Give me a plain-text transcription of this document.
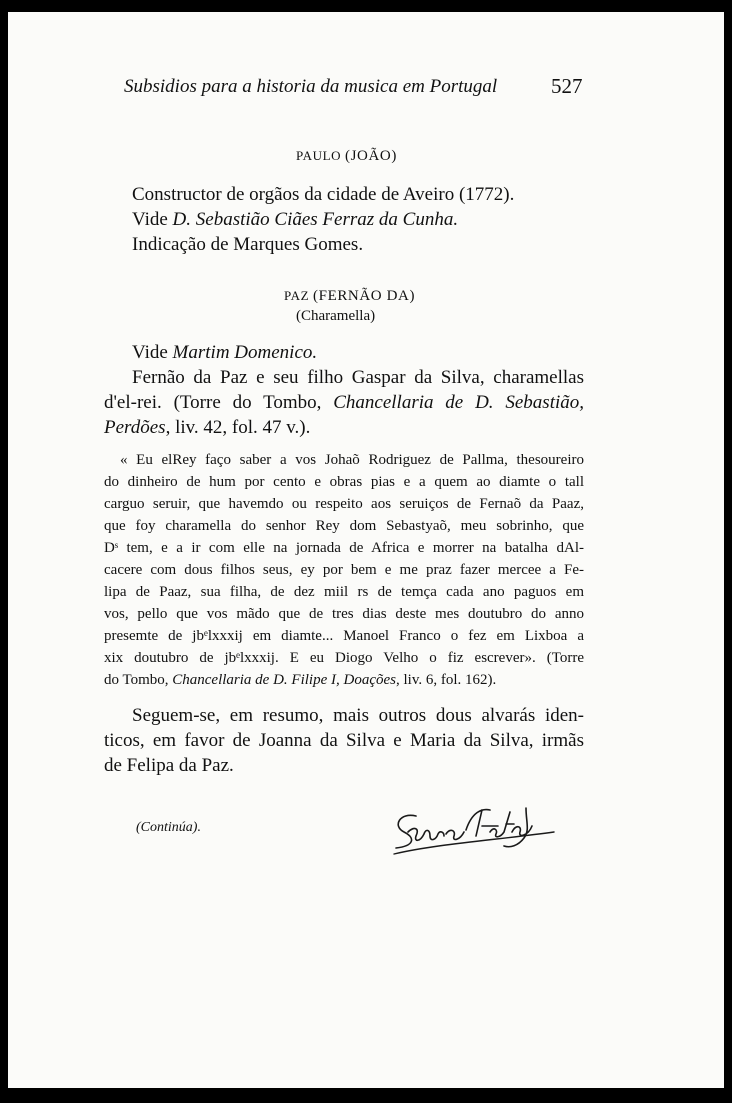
Subsidios para a historia da musica em Portugal	527
PAULO (JOÃO)
Constructor de orgãos da cidade de Aveiro (1772).
Vide D. Sebastião Ciães Ferraz da Cunha.
Indicação de Marques Gomes.
PAZ (FERNÃO DA)
(Charamella)
Vide Martim Domenico.
Fernão da Paz e seu filho Gaspar da Silva, charamellas
d'el-rei. (Torre do Tombo, Chancellaria de D. Sebastião,
Perdões, liv. 42, fol. 47 v.).
« Eu elRey faço saber a vos Johaõ Rodriguez de Pallma, thesoureiro
do dinheiro de hum por cento e obras pias e a quem ao diamte o tall
carguo seruir, que havemdo ou respeito aos seruiços de Fernaõ da Paaz,
que foy charamella do senhor Rey dom Sebastyaõ, meu sobrinho, que
Dˢ tem, e a ir com elle na jornada de Africa e morrer na batalha dAl-
cacere com dous filhos seus, ey por bem e me praz fazer mercee a Fe-
lipa de Paaz, sua filha, de dez miil rs de temça cada ano paguos em
vos, pello que vos mãdo que de tres dias deste mes doutubro do anno
presemte de jbᵉlxxxij em diamte... Manoel Franco o fez em Lixboa a
xix doutubro de jbᵉlxxxij. E eu Diogo Velho o fiz escrever». (Torre
do Tombo, Chancellaria de D. Filipe I, Doações, liv. 6, fol. 162).
Seguem-se, em resumo, mais outros dous alvarás iden-
ticos, em favor de Joanna da Silva e Maria da Silva, irmãs
de Felipa da Paz.
(Continúa).
